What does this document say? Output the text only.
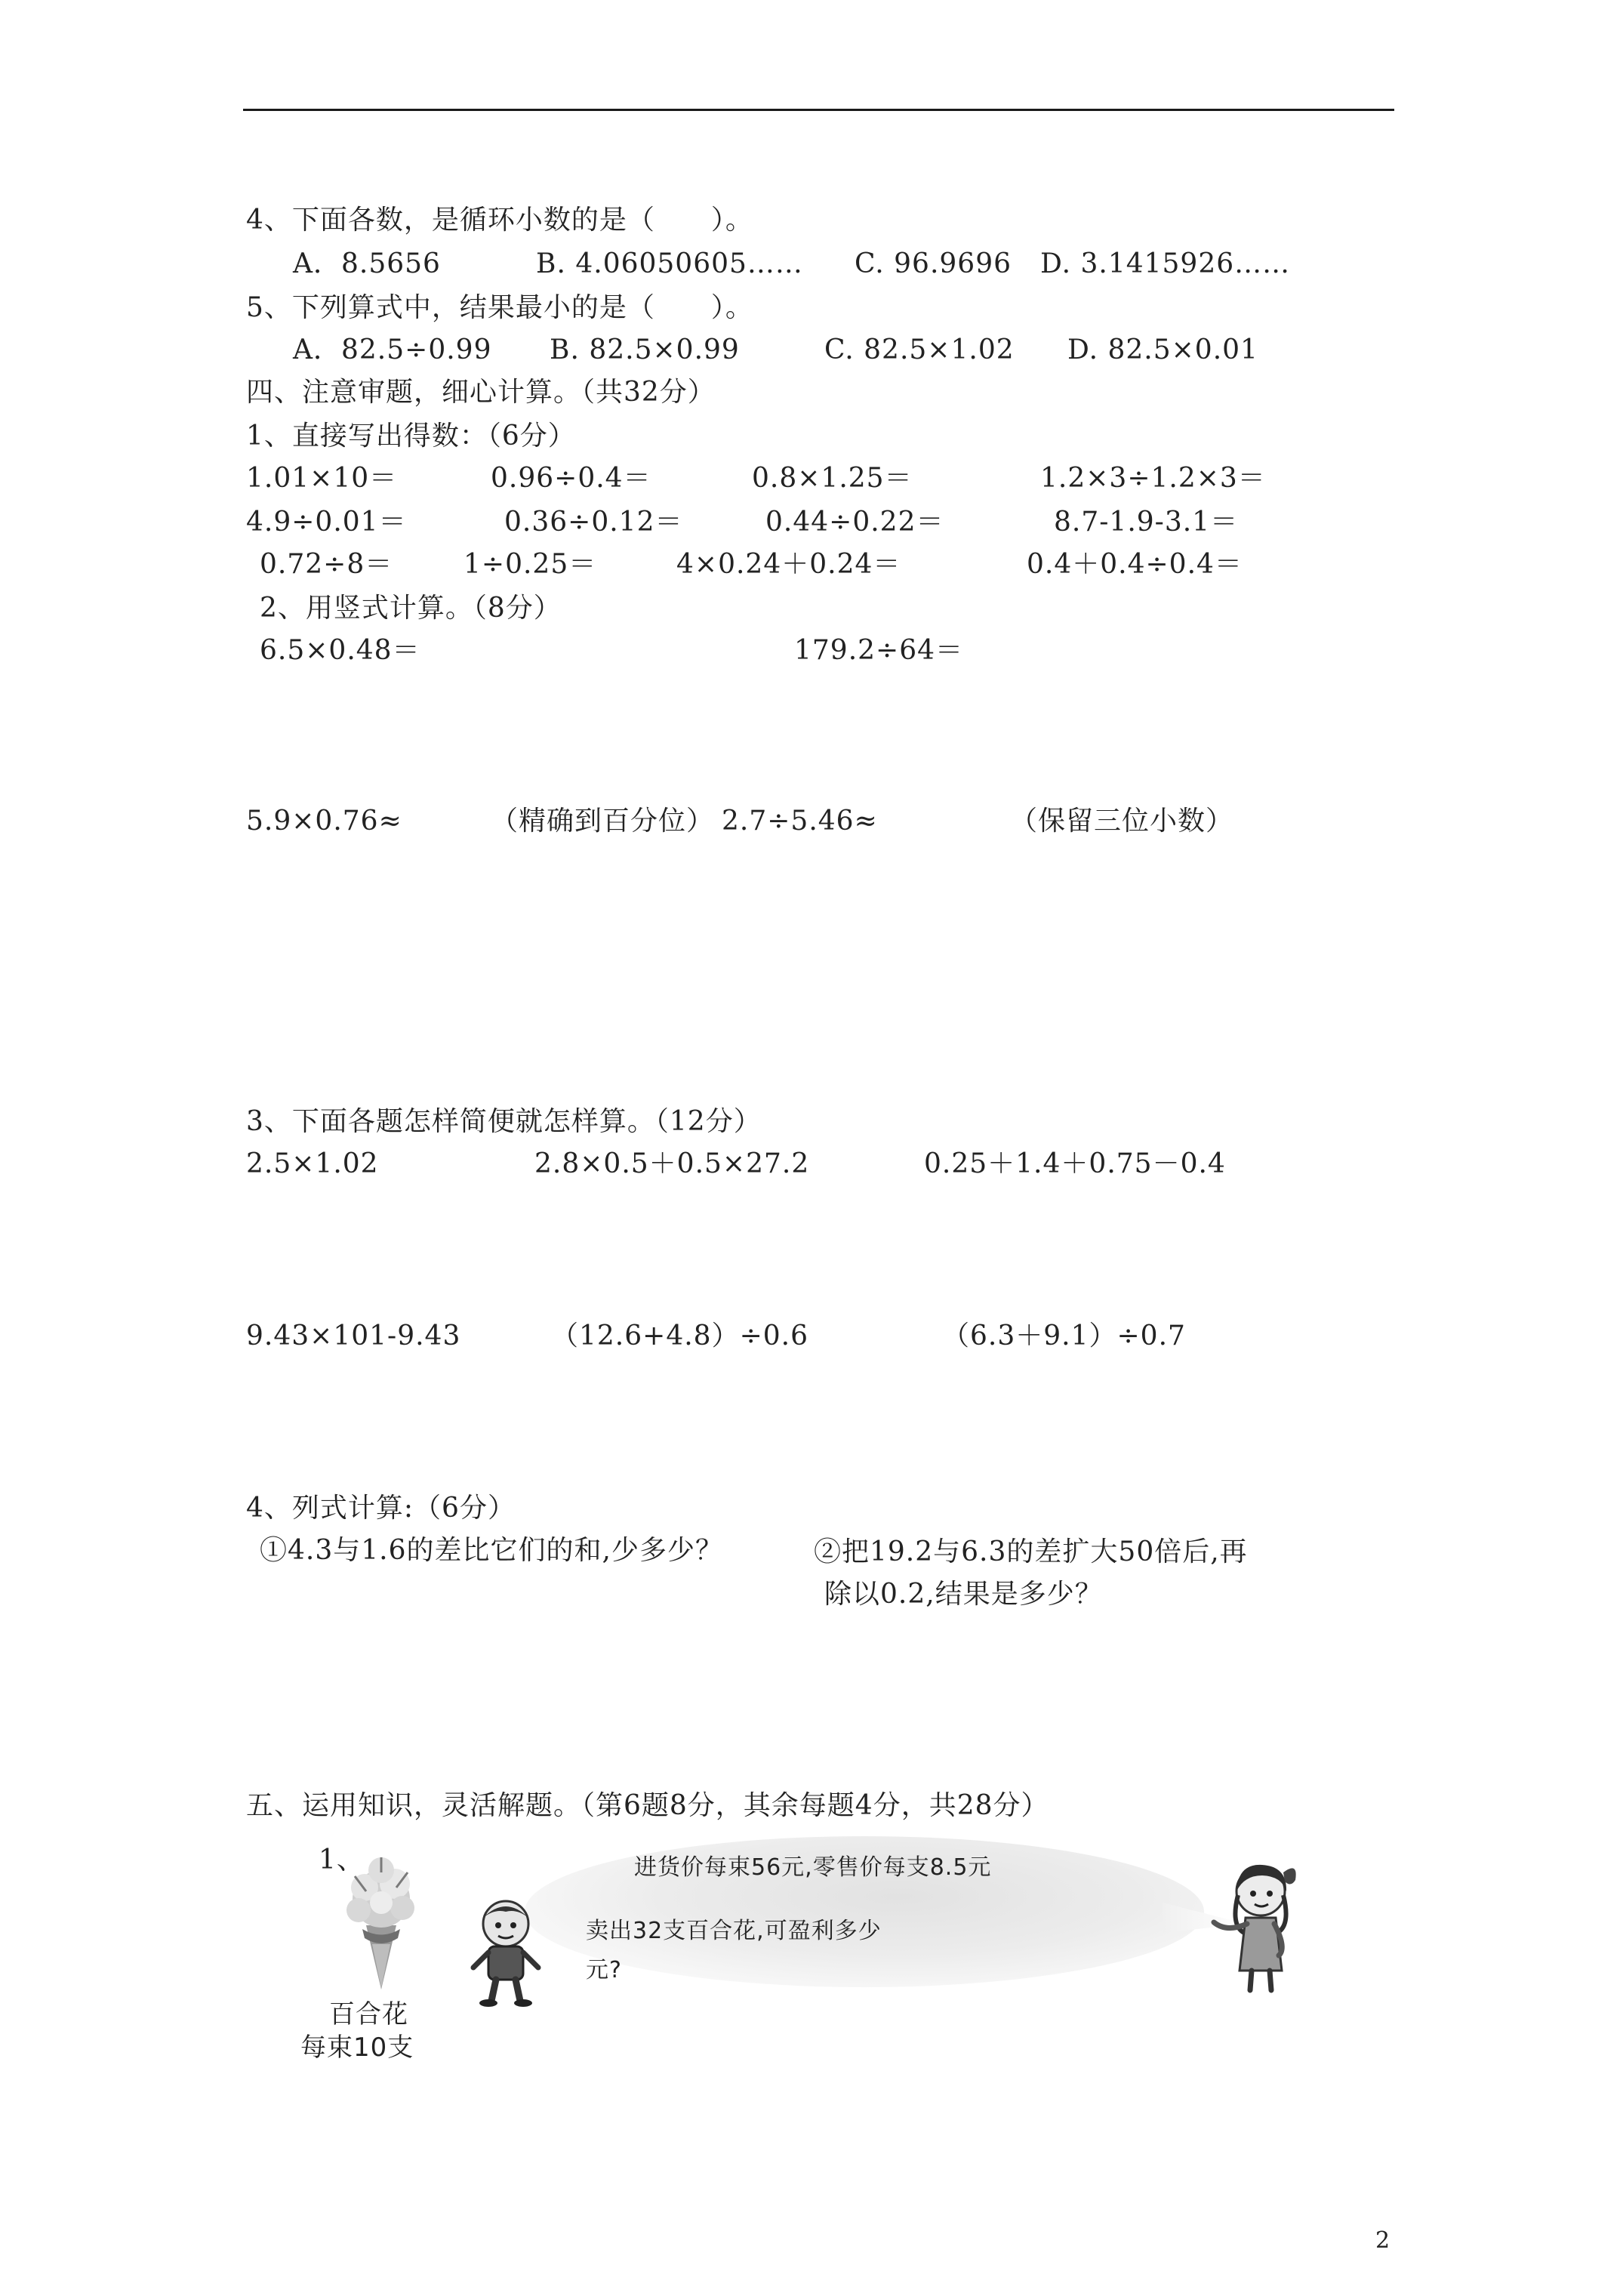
4、下面各数，是循环小数的是（　　）。
A．8.5656	B. 4.06050605…… C. 96.9696 D. 3.1415926……
5、下列算式中，结果最小的是（　　）。
A．82.5÷0.99 B. 82.5×0.99	C. 82.5×1.02 D. 82.5×0.01
四、注意审题，细心计算。（共32分）
1、直接写出得数：（6分）
1.01×10＝	0.96÷0.4＝	0.8×1.25＝	1.2×3÷1.2×3＝
4.9÷0.01＝	0.36÷0.12＝	0.44÷0.22＝	8.7-1.9-3.1＝
0.72÷8＝	1÷0.25＝	4×0.24＋0.24＝	0.4＋0.4÷0.4＝
2、用竖式计算。（8分）
6.5×0.48＝	179.2÷64＝
5.9×0.76≈	（精确到百分位） 2.7÷5.46≈	（保留三位小数）
3、下面各题怎样简便就怎样算。（12分）
2.5×1.02	2.8×0.5＋0.5×27.2	0.25＋1.4＋0.75－0.4
9.43×101-9.43	（12.6+4.8）÷0.6	（6.3＋9.1）÷0.7
4、列式计算:（6分）
①4.3与1.6的差比它们的和,少多少？	②把19.2与6.3的差扩大50倍后,再
除以0.2,结果是多少？
五、运用知识，灵活解题。（第6题8分，其余每题4分，共28分）
1、	进货价每束56元,零售价每支8.5元
卖出32支百合花,可盈利多少
元?
百合花
每束10支
2
